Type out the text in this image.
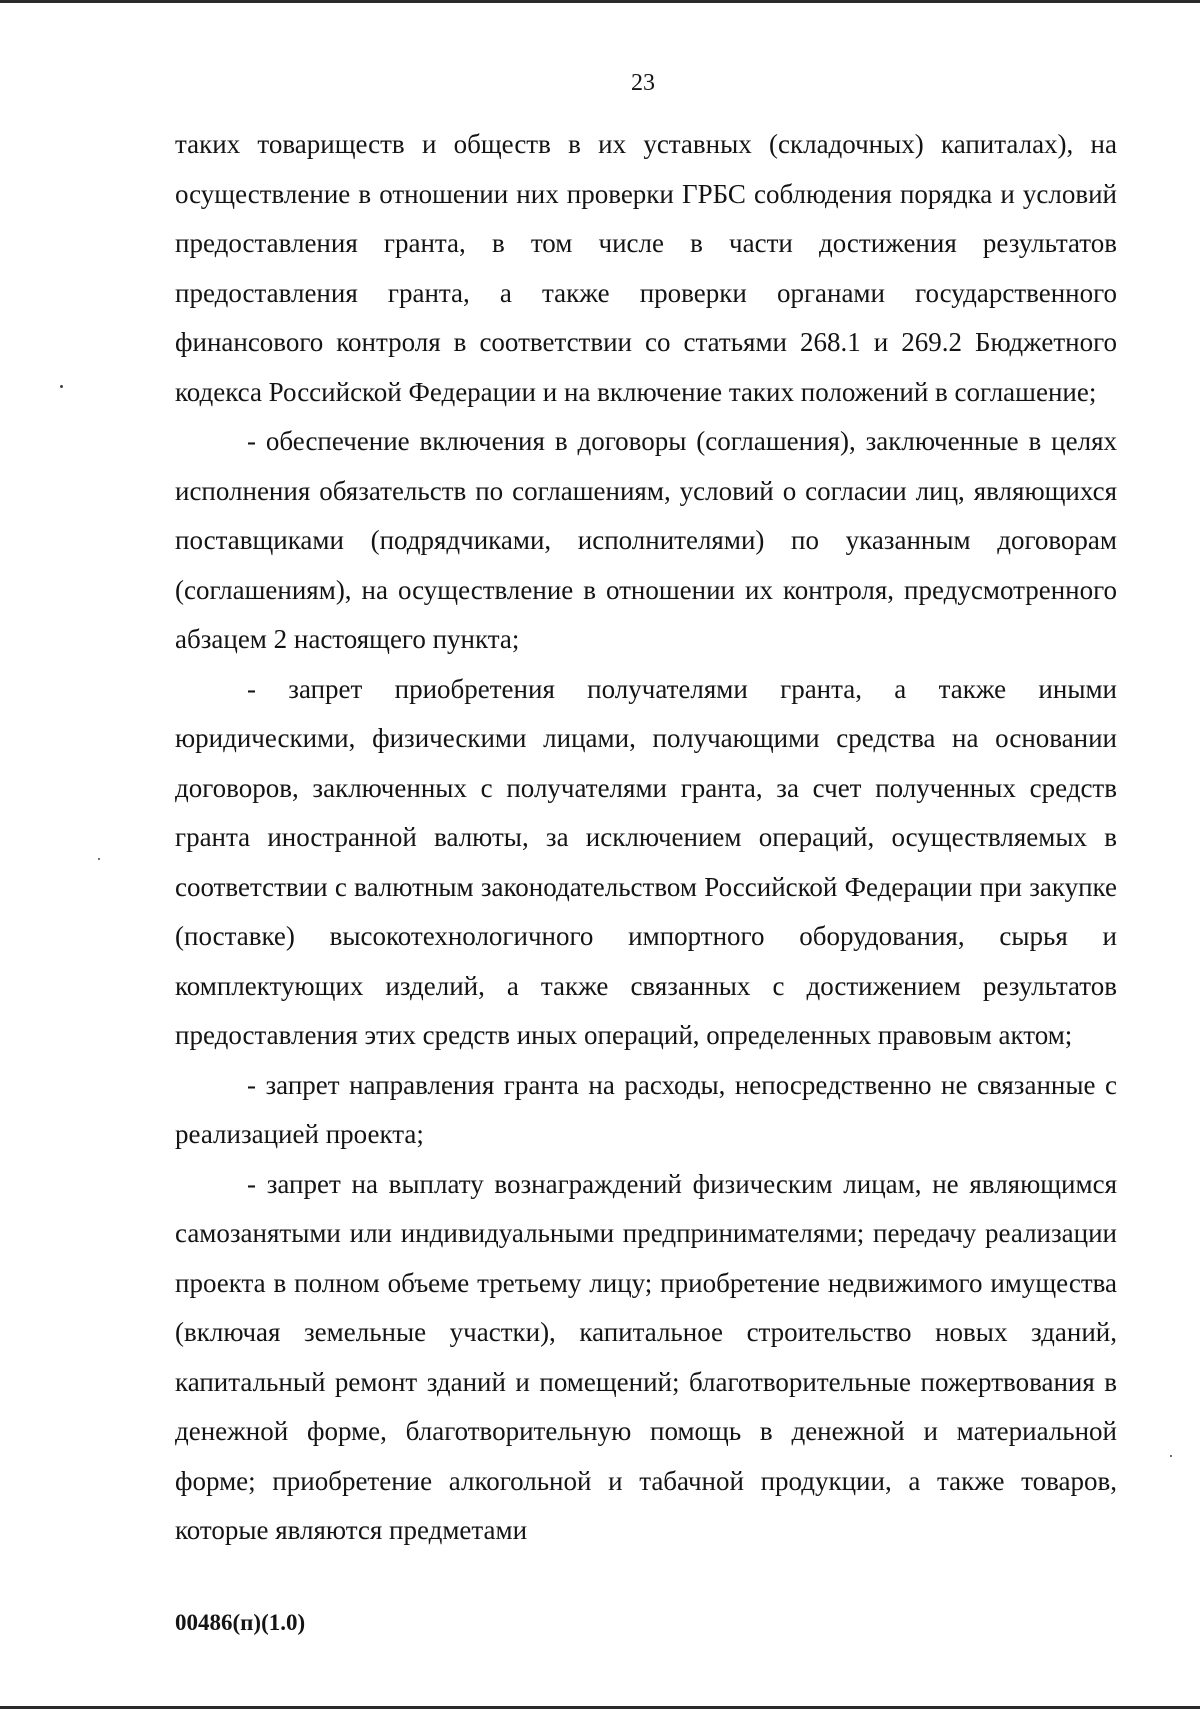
23

таких товариществ и обществ в их уставных (складочных) капиталах), на осуществление в отношении них проверки ГРБС соблюдения порядка и условий предоставления гранта, в том числе в части достижения результатов предоставления гранта, а также проверки органами государственного финансового контроля в соответствии со статьями 268.1 и 269.2 Бюджетного кодекса Российской Федерации и на включение таких положений в соглашение;

- обеспечение включения в договоры (соглашения), заключенные в целях исполнения обязательств по соглашениям, условий о согласии лиц, являющихся поставщиками (подрядчиками, исполнителями) по указанным договорам (соглашениям), на осуществление в отношении их контроля, предусмотренного абзацем 2 настоящего пункта;

- запрет приобретения получателями гранта, а также иными юридическими, физическими лицами, получающими средства на основании договоров, заключенных с получателями гранта, за счет полученных средств гранта иностранной валюты, за исключением операций, осуществляемых в соответствии с валютным законодательством Российской Федерации при закупке (поставке) высокотехнологичного импортного оборудования, сырья и комплектующих изделий, а также связанных с достижением результатов предоставления этих средств иных операций, определенных правовым актом;

- запрет направления гранта на расходы, непосредственно не связанные с реализацией проекта;

- запрет на выплату вознаграждений физическим лицам, не являющимся самозанятыми или индивидуальными предпринимателями; передачу реализации проекта в полном объеме третьему лицу; приобретение недвижимого имущества (включая земельные участки), капитальное строительство новых зданий, капитальный ремонт зданий и помещений; благотворительные пожертвования в денежной форме, благотворительную помощь в денежной и материальной форме; приобретение алкогольной и табачной продукции, а также товаров, которые являются предметами

00486(п)(1.0)
